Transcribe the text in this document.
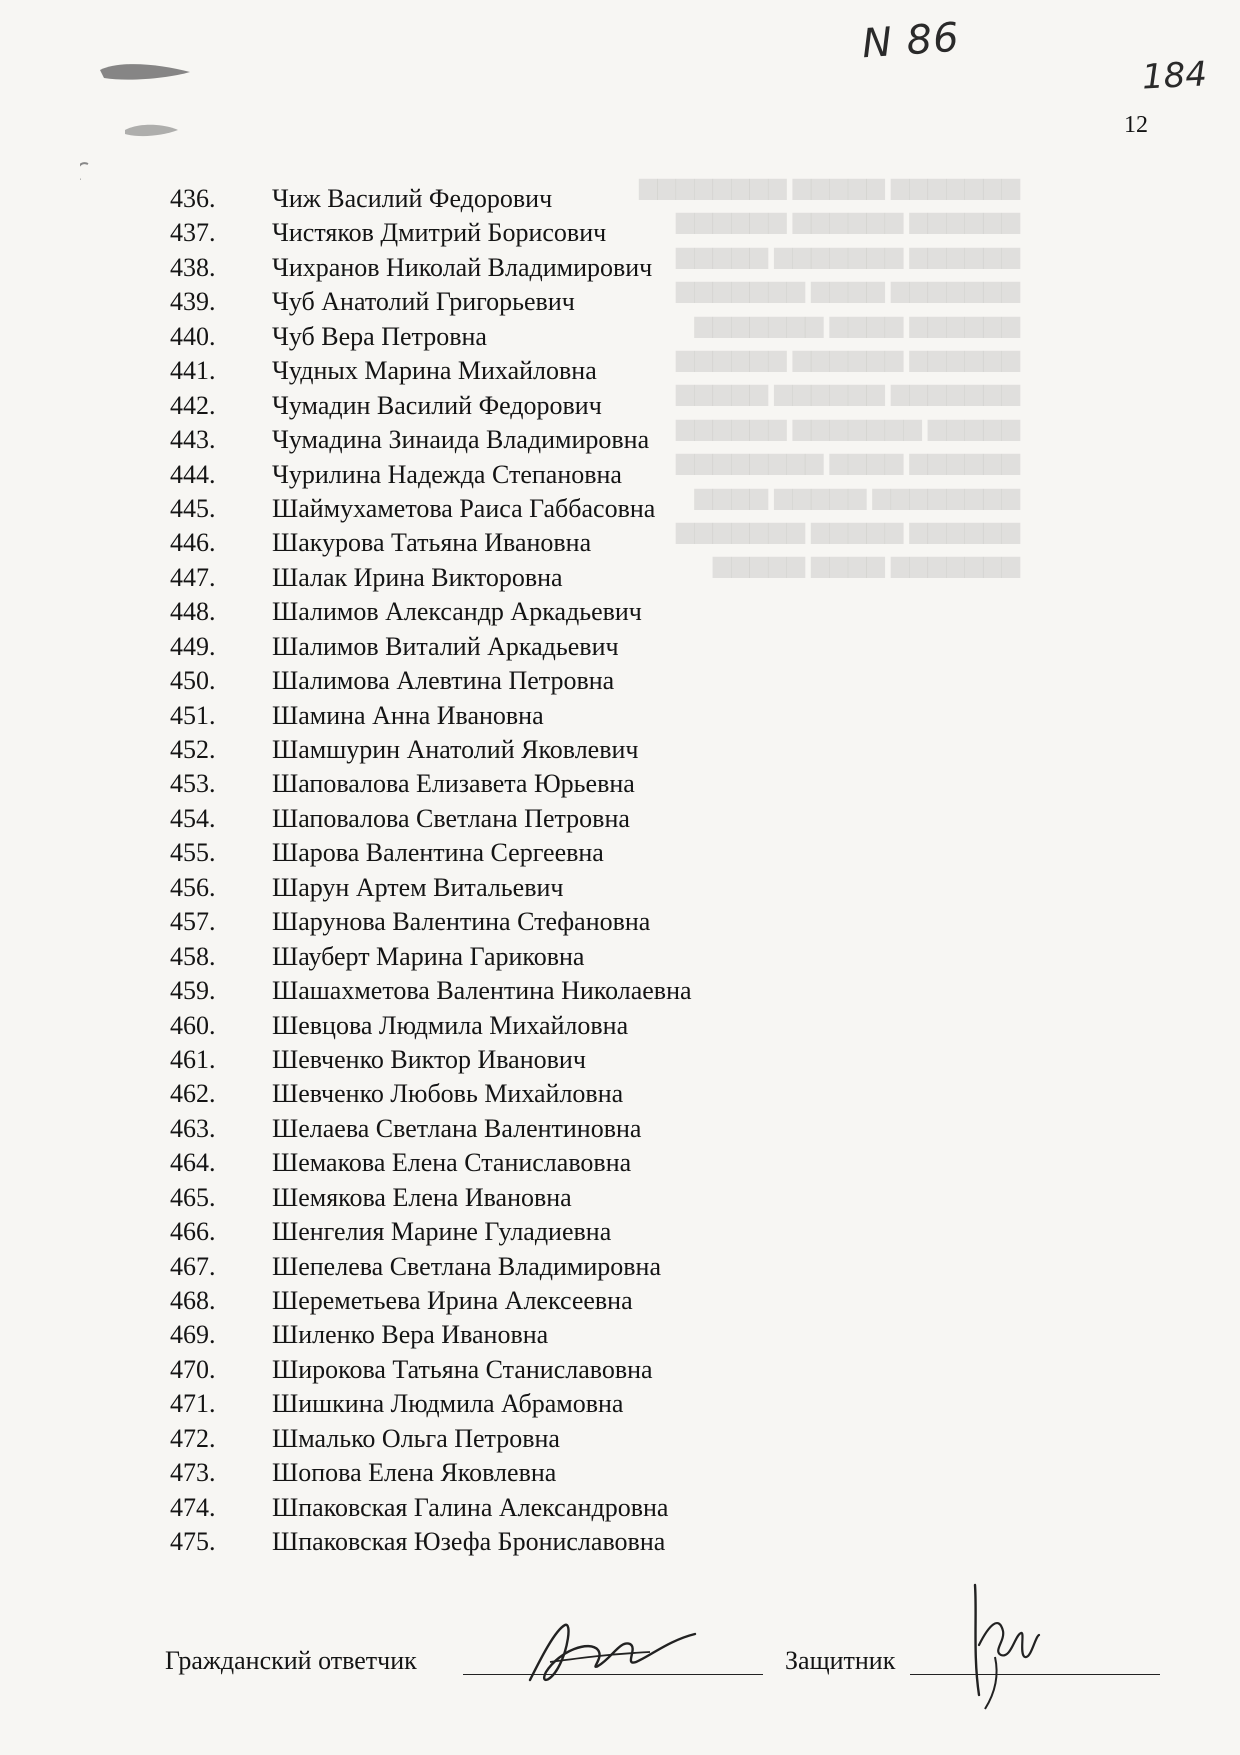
▆▆▆▆▆▆▆ ▆▆▆▆▆ ▆▆▆▆▆▆▆▆
▆▆▆▆▆▆ ▆▆▆▆▆▆ ▆▆▆▆▆▆
▆▆▆▆▆▆ ▆▆▆▆▆▆▆ ▆▆▆▆▆
▆▆▆▆▆▆▆ ▆▆▆▆ ▆▆▆▆▆▆▆
▆▆▆▆▆▆ ▆▆▆▆ ▆▆▆▆▆▆▆
▆▆▆▆▆▆ ▆▆▆▆▆▆ ▆▆▆▆▆▆
▆▆▆▆▆▆▆ ▆▆▆▆▆▆ ▆▆▆▆▆
▆▆▆▆▆ ▆▆▆▆▆▆▆ ▆▆▆▆▆▆
▆▆▆▆▆▆ ▆▆▆▆ ▆▆▆▆▆▆▆▆
▆▆▆▆▆▆▆▆ ▆▆▆▆▆ ▆▆▆▆
▆▆▆▆▆▆ ▆▆▆▆▆ ▆▆▆▆▆▆▆
▆▆▆▆▆▆▆ ▆▆▆▆ ▆▆▆▆▆
N 86
184
12
436.	Чиж Василий Федорович
437.	Чистяков Дмитрий Борисович
438.	Чихранов Николай Владимирович
439.	Чуб Анатолий Григорьевич
440.	Чуб Вера Петровна
441.	Чудных Марина Михайловна
442.	Чумадин Василий Федорович
443.	Чумадина Зинаида Владимировна
444.	Чурилина Надежда Степановна
445.	Шаймухаметова Раиса Габбасовна
446.	Шакурова Татьяна Ивановна
447.	Шалак Ирина Викторовна
448.	Шалимов Александр Аркадьевич
449.	Шалимов Виталий Аркадьевич
450.	Шалимова Алевтина Петровна
451.	Шамина Анна Ивановна
452.	Шамшурин Анатолий Яковлевич
453.	Шаповалова Елизавета Юрьевна
454.	Шаповалова Светлана Петровна
455.	Шарова Валентина Сергеевна
456.	Шарун Артем Витальевич
457.	Шарунова Валентина Стефановна
458.	Шауберт Марина Гариковна
459.	Шашахметова Валентина Николаевна
460.	Шевцова Людмила Михайловна
461.	Шевченко Виктор Иванович
462.	Шевченко Любовь Михайловна
463.	Шелаева Светлана Валентиновна
464.	Шемакова Елена Станиславовна
465.	Шемякова Елена Ивановна
466.	Шенгелия Марине Гуладиевна
467.	Шепелева Светлана Владимировна
468.	Шереметьева Ирина Алексеевна
469.	Шиленко Вера Ивановна
470.	Широкова Татьяна Станиславовна
471.	Шишкина Людмила Абрамовна
472.	Шмалько Ольга Петровна
473.	Шопова Елена Яковлевна
474.	Шпаковская Галина Александровна
475.	Шпаковская Юзефа Брониславовна
Гражданский ответчик	Защитник
